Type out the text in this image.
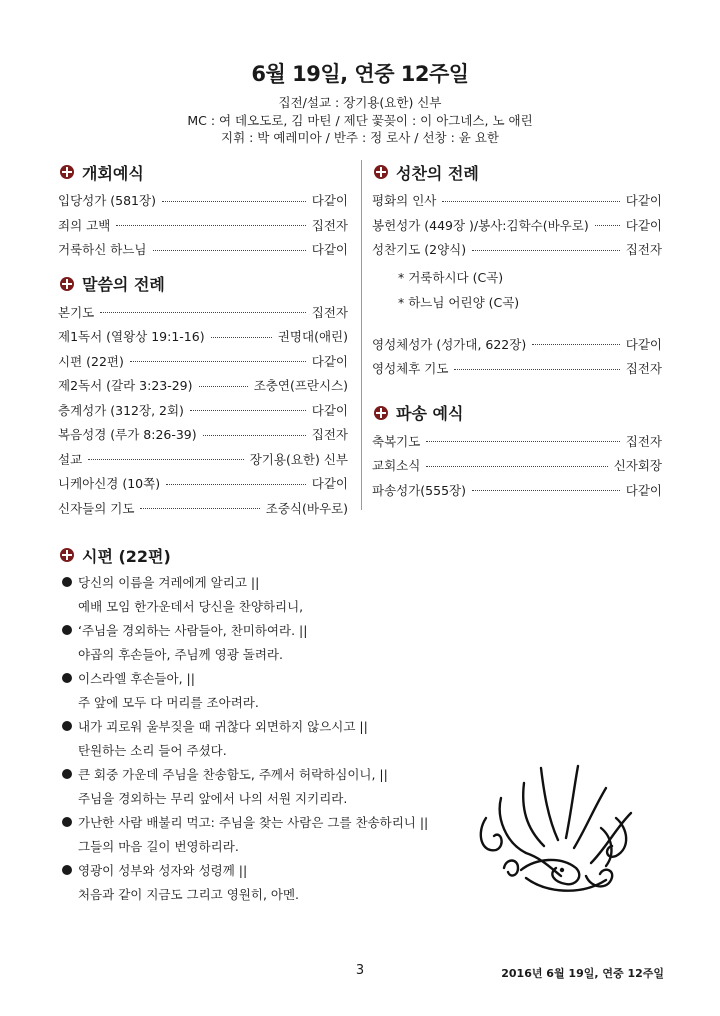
6월 19일, 연중 12주일
집전/설교 : 장기용(요한) 신부
MC : 여 데오도로, 김 마틴 / 제단 꽃꽂이 : 이 아그네스, 노 애린
지휘 : 박 예레미아 / 반주 : 정 로사 / 선창 : 윤 요한
개회예식
입당성가 (581장)	다같이
죄의 고백	집전자
거룩하신 하느님	다같이
말씀의 전례
본기도	집전자
제1독서 (열왕상 19:1-16)	권명대(애린)
시편 (22편)	다같이
제2독서 (갈라 3:23-29)	조충연(프란시스)
층계성가 (312장, 2회)	다같이
복음성경 (루가 8:26-39)	집전자
설교	장기용(요한) 신부
니케아신경 (10쪽)	다같이
신자들의 기도	조중식(바우로)
성찬의 전례
평화의 인사	다같이
봉헌성가 (449장 )/봉사:김학수(바우로)	다같이
성찬기도 (2양식)	집전자
* 거룩하시다 (C곡)
* 하느님 어린양 (C곡)
영성체성가 (성가대, 622장)	다같이
영성체후 기도	집전자
파송 예식
축복기도	집전자
교회소식	신자회장
파송성가(555장)	다같이
시편 (22편)
당신의 이름을 겨레에게 알리고 ||
예배 모임 한가운데서 당신을 찬양하리니,
‘주님을 경외하는 사람들아, 찬미하여라. ||
야곱의 후손들아, 주님께 영광 돌려라.
이스라엘 후손들아, ||
주 앞에 모두 다 머리를 조아려라.
내가 괴로워 울부짖을 때 귀찮다 외면하지 않으시고 ||
탄원하는 소리 들어 주셨다.
큰 회중 가운데 주님을 찬송함도, 주께서 허락하심이니, ||
주님을 경외하는 무리 앞에서 나의 서원 지키리라.
가난한 사람 배불리 먹고: 주님을 찾는 사람은 그를 찬송하리니 ||
그들의 마음 길이 번영하리라.
영광이 성부와 성자와 성령께 ||
처음과 같이 지금도 그리고 영원히, 아멘.
3	2016년 6월 19일, 연중 12주일
